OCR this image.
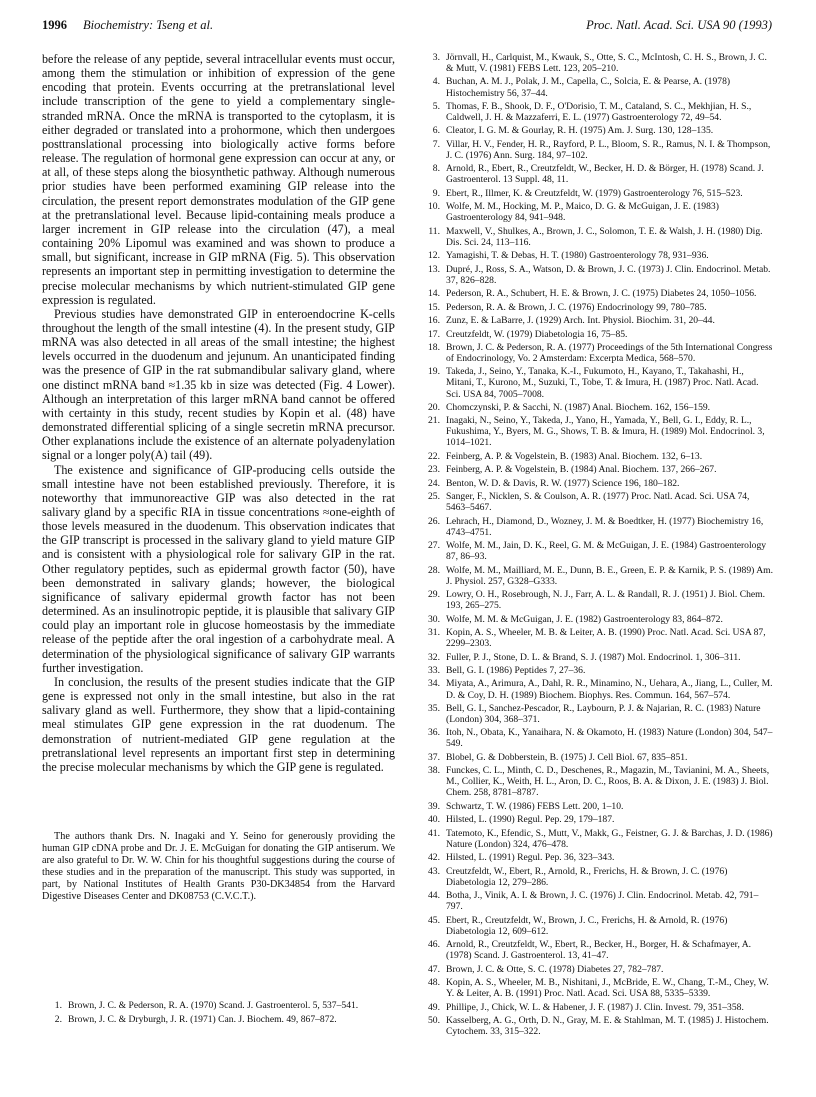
1996 Biochemistry: Tseng et al.	Proc. Natl. Acad. Sci. USA 90 (1993)

before the release of any peptide, several intracellular events must occur, among them the stimulation or inhibition of expression of the gene encoding that protein. Events occurring at the pretranslational level include transcription of the gene to yield a complementary single-stranded mRNA. Once the mRNA is transported to the cytoplasm, it is either degraded or translated into a prohormone, which then undergoes posttranslational processing into biologically active forms before release. The regulation of hormonal gene expression can occur at any, or at all, of these steps along the biosynthetic pathway. Although numerous prior studies have been performed examining GIP release into the circulation, the present report demonstrates modulation of the GIP gene at the pretranslational level. Because lipid-containing meals produce a larger increment in GIP release into the circulation (47), a meal containing 20% Lipomul was examined and was shown to produce a small, but significant, increase in GIP mRNA (Fig. 5). This observation represents an important step in permitting investigation to determine the precise molecular mechanisms by which nutrient-stimulated GIP gene expression is regulated.

Previous studies have demonstrated GIP in enteroendocrine K-cells throughout the length of the small intestine (4). In the present study, GIP mRNA was also detected in all areas of the small intestine; the highest levels occurred in the duodenum and jejunum. An unanticipated finding was the presence of GIP in the rat submandibular salivary gland, where one distinct mRNA band ≈1.35 kb in size was detected (Fig. 4 Lower). Although an interpretation of this larger mRNA band cannot be offered with certainty in this study, recent studies by Kopin et al. (48) have demonstrated differential splicing of a single secretin mRNA precursor. Other explanations include the existence of an alternate polyadenylation signal or a longer poly(A) tail (49).

The existence and significance of GIP-producing cells outside the small intestine have not been established previously. Therefore, it is noteworthy that immunoreactive GIP was also detected in the rat salivary gland by a specific RIA in tissue concentrations ≈one-eighth of those levels measured in the duodenum. This observation indicates that the GIP transcript is processed in the salivary gland to yield mature GIP and is consistent with a physiological role for salivary GIP in the rat. Other regulatory peptides, such as epidermal growth factor (50), have been demonstrated in salivary glands; however, the biological significance of salivary epidermal growth factor has not been determined. As an insulinotropic peptide, it is plausible that salivary GIP could play an important role in glucose homeostasis by the immediate release of the peptide after the oral ingestion of a carbohydrate meal. A determination of the physiological significance of salivary GIP warrants further investigation.

In conclusion, the results of the present studies indicate that the GIP gene is expressed not only in the small intestine, but also in the rat salivary gland as well. Furthermore, they show that a lipid-containing meal stimulates GIP gene expression in the rat duodenum. The demonstration of nutrient-mediated GIP gene regulation at the pretranslational level represents an important first step in determining the precise molecular mechanisms by which the GIP gene is regulated.

The authors thank Drs. N. Inagaki and Y. Seino for generously providing the human GIP cDNA probe and Dr. J. E. McGuigan for donating the GIP antiserum. We are also grateful to Dr. W. W. Chin for his thoughtful suggestions during the course of these studies and in the preparation of the manuscript. This study was supported, in part, by National Institutes of Health Grants P30-DK34854 from the Harvard Digestive Diseases Center and DK08753 (C.V.C.T.).
1. Brown, J. C. & Pederson, R. A. (1970) Scand. J. Gastroenterol. 5, 537–541.
2. Brown, J. C. & Dryburgh, J. R. (1971) Can. J. Biochem. 49, 867–872.
3. Jörnvall, H., Carlquist, M., Kwauk, S., Otte, S. C., McIntosh, C. H. S., Brown, J. C. & Mutt, V. (1981) FEBS Lett. 123, 205–210.
4. Buchan, A. M. J., Polak, J. M., Capella, C., Solcia, E. & Pearse, A. (1978) Histochemistry 56, 37–44.
5. Thomas, F. B., Shook, D. F., O'Dorisio, T. M., Cataland, S. C., Mekhjian, H. S., Caldwell, J. H. & Mazzaferri, E. L. (1977) Gastroenterology 72, 49–54.
6. Cleator, I. G. M. & Gourlay, R. H. (1975) Am. J. Surg. 130, 128–135.
7. Villar, H. V., Fender, H. R., Rayford, P. L., Bloom, S. R., Ramus, N. I. & Thompson, J. C. (1976) Ann. Surg. 184, 97–102.
8. Arnold, R., Ebert, R., Creutzfeldt, W., Becker, H. D. & Börger, H. (1978) Scand. J. Gastroenterol. 13 Suppl. 48, 11.
9. Ebert, R., Illmer, K. & Creutzfeldt, W. (1979) Gastroenterology 76, 515–523.
10. Wolfe, M. M., Hocking, M. P., Maico, D. G. & McGuigan, J. E. (1983) Gastroenterology 84, 941–948.
11. Maxwell, V., Shulkes, A., Brown, J. C., Solomon, T. E. & Walsh, J. H. (1980) Dig. Dis. Sci. 24, 113–116.
12. Yamagishi, T. & Debas, H. T. (1980) Gastroenterology 78, 931–936.
13. Dupré, J., Ross, S. A., Watson, D. & Brown, J. C. (1973) J. Clin. Endocrinol. Metab. 37, 826–828.
14. Pederson, R. A., Schubert, H. E. & Brown, J. C. (1975) Diabetes 24, 1050–1056.
15. Pederson, R. A. & Brown, J. C. (1976) Endocrinology 99, 780–785.
16. Zunz, E. & LaBarre, J. (1929) Arch. Int. Physiol. Biochim. 31, 20–44.
17. Creutzfeldt, W. (1979) Diabetologia 16, 75–85.
18. Brown, J. C. & Pederson, R. A. (1977) Proceedings of the 5th International Congress of Endocrinology, Vo. 2 Amsterdam: Excerpta Medica, 568–570.
19. Takeda, J., Seino, Y., Tanaka, K.-I., Fukumoto, H., Kayano, T., Takahashi, H., Mitani, T., Kurono, M., Suzuki, T., Tobe, T. & Imura, H. (1987) Proc. Natl. Acad. Sci. USA 84, 7005–7008.
20. Chomczynski, P. & Sacchi, N. (1987) Anal. Biochem. 162, 156–159.
21. Inagaki, N., Seino, Y., Takeda, J., Yano, H., Yamada, Y., Bell, G. I., Eddy, R. L., Fukushima, Y., Byers, M. G., Shows, T. B. & Imura, H. (1989) Mol. Endocrinol. 3, 1014–1021.
22. Feinberg, A. P. & Vogelstein, B. (1983) Anal. Biochem. 132, 6–13.
23. Feinberg, A. P. & Vogelstein, B. (1984) Anal. Biochem. 137, 266–267.
24. Benton, W. D. & Davis, R. W. (1977) Science 196, 180–182.
25. Sanger, F., Nicklen, S. & Coulson, A. R. (1977) Proc. Natl. Acad. Sci. USA 74, 5463–5467.
26. Lehrach, H., Diamond, D., Wozney, J. M. & Boedtker, H. (1977) Biochemistry 16, 4743–4751.
27. Wolfe, M. M., Jain, D. K., Reel, G. M. & McGuigan, J. E. (1984) Gastroenterology 87, 86–93.
28. Wolfe, M. M., Mailliard, M. E., Dunn, B. E., Green, E. P. & Karnik, P. S. (1989) Am. J. Physiol. 257, G328–G333.
29. Lowry, O. H., Rosebrough, N. J., Farr, A. L. & Randall, R. J. (1951) J. Biol. Chem. 193, 265–275.
30. Wolfe, M. M. & McGuigan, J. E. (1982) Gastroenterology 83, 864–872.
31. Kopin, A. S., Wheeler, M. B. & Leiter, A. B. (1990) Proc. Natl. Acad. Sci. USA 87, 2299–2303.
32. Fuller, P. J., Stone, D. L. & Brand, S. J. (1987) Mol. Endocrinol. 1, 306–311.
33. Bell, G. I. (1986) Peptides 7, 27–36.
34. Miyata, A., Arimura, A., Dahl, R. R., Minamino, N., Uehara, A., Jiang, L., Culler, M. D. & Coy, D. H. (1989) Biochem. Biophys. Res. Commun. 164, 567–574.
35. Bell, G. I., Sanchez-Pescador, R., Laybourn, P. J. & Najarian, R. C. (1983) Nature (London) 304, 368–371.
36. Itoh, N., Obata, K., Yanaihara, N. & Okamoto, H. (1983) Nature (London) 304, 547–549.
37. Blobel, G. & Dobberstein, B. (1975) J. Cell Biol. 67, 835–851.
38. Funckes, C. L., Minth, C. D., Deschenes, R., Magazin, M., Tavianini, M. A., Sheets, M., Collier, K., Weith, H. L., Aron, D. C., Roos, B. A. & Dixon, J. E. (1983) J. Biol. Chem. 258, 8781–8787.
39. Schwartz, T. W. (1986) FEBS Lett. 200, 1–10.
40. Hilsted, L. (1990) Regul. Pep. 29, 179–187.
41. Tatemoto, K., Efendic, S., Mutt, V., Makk, G., Feistner, G. J. & Barchas, J. D. (1986) Nature (London) 324, 476–478.
42. Hilsted, L. (1991) Regul. Pep. 36, 323–343.
43. Creutzfeldt, W., Ebert, R., Arnold, R., Frerichs, H. & Brown, J. C. (1976) Diabetologia 12, 279–286.
44. Botha, J., Vinik, A. I. & Brown, J. C. (1976) J. Clin. Endocrinol. Metab. 42, 791–797.
45. Ebert, R., Creutzfeldt, W., Brown, J. C., Frerichs, H. & Arnold, R. (1976) Diabetologia 12, 609–612.
46. Arnold, R., Creutzfeldt, W., Ebert, R., Becker, H., Borger, H. & Schafmayer, A. (1978) Scand. J. Gastroenterol. 13, 41–47.
47. Brown, J. C. & Otte, S. C. (1978) Diabetes 27, 782–787.
48. Kopin, A. S., Wheeler, M. B., Nishitani, J., McBride, E. W., Chang, T.-M., Chey, W. Y. & Leiter, A. B. (1991) Proc. Natl. Acad. Sci. USA 88, 5335–5339.
49. Phillipe, J., Chick, W. L. & Habener, J. F. (1987) J. Clin. Invest. 79, 351–358.
50. Kasselberg, A. G., Orth, D. N., Gray, M. E. & Stahlman, M. T. (1985) J. Histochem. Cytochem. 33, 315–322.
